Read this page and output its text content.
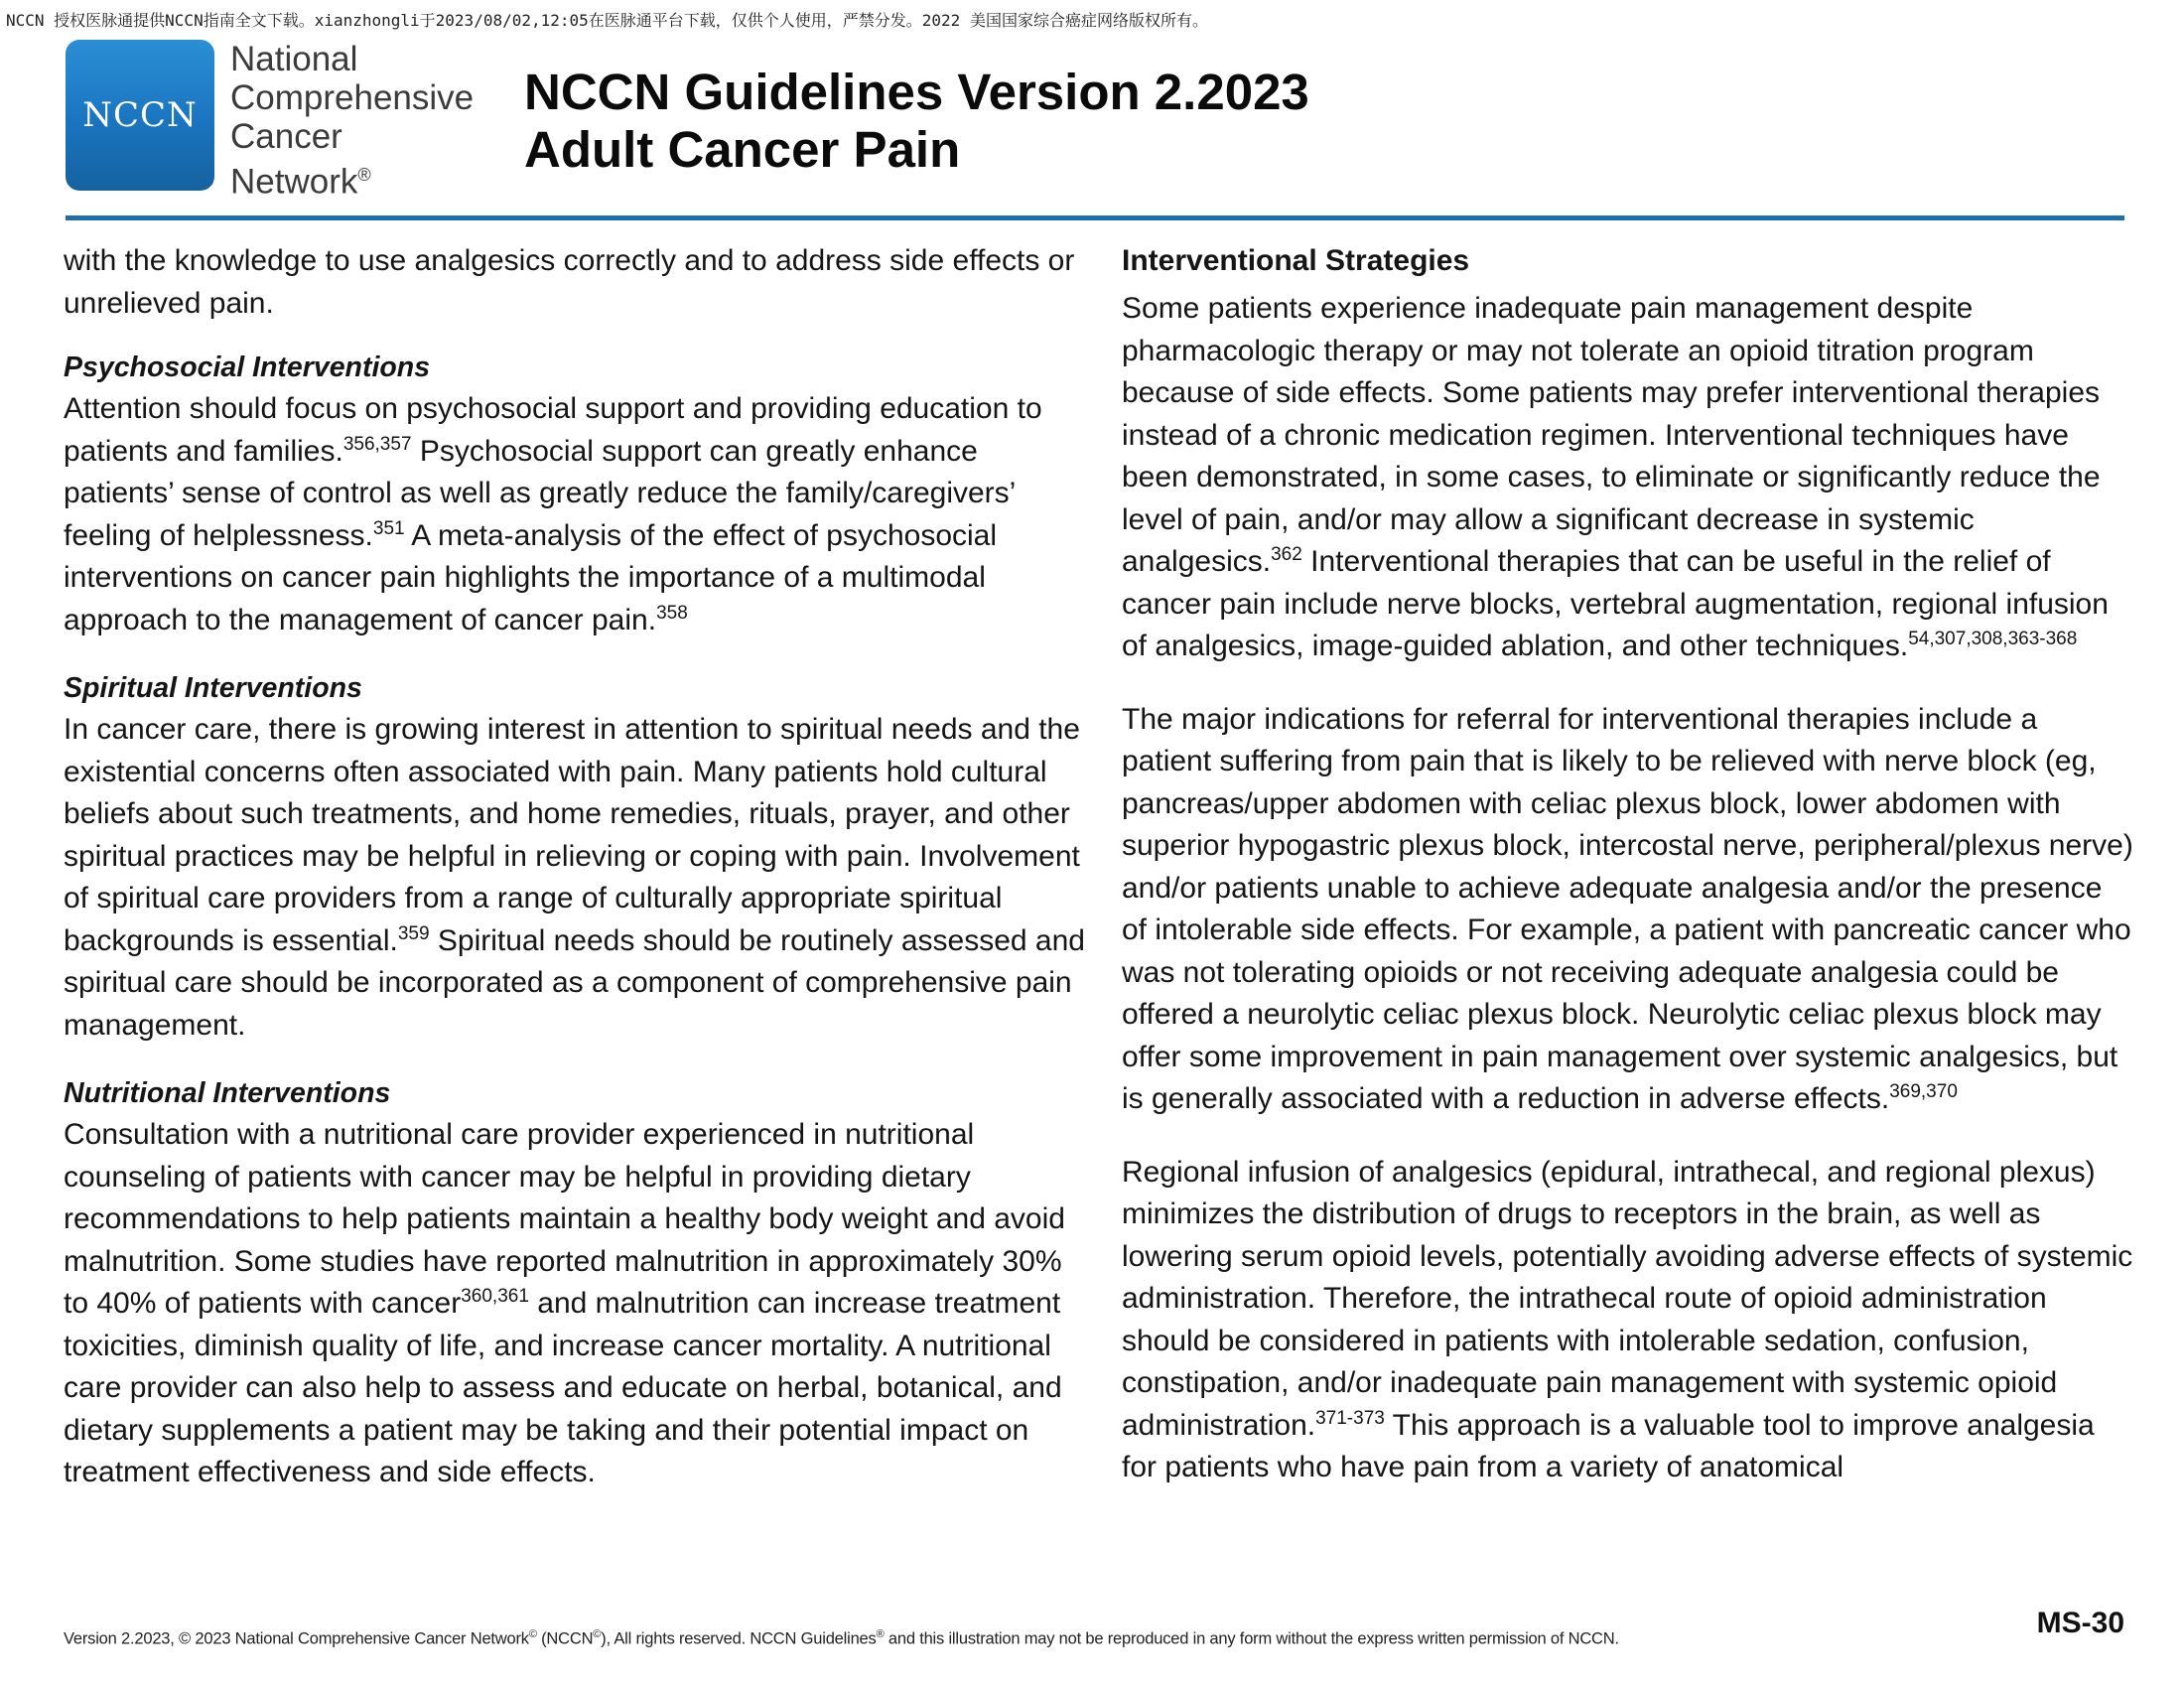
NCCN 授权医脉通提供NCCN指南全文下载。xianzhongli于2023/08/02,12:05在医脉通平台下载，仅供个人使用，严禁分发。2022 美国国家综合癌症网络版权所有。
NCCN
National
Comprehensive
Cancer
Network®
NCCN Guidelines Version 2.2023
Adult Cancer Pain

with the knowledge to use analgesics correctly and to address side effects or unrelieved pain.

Psychosocial Interventions

Attention should focus on psychosocial support and providing education to patients and families.$^{356,357}$ Psychosocial support can greatly enhance patients’ sense of control as well as greatly reduce the family/caregivers’ feeling of helplessness.$^{351}$ A meta-analysis of the effect of psychosocial interventions on cancer pain highlights the importance of a multimodal approach to the management of cancer pain.$^{358}$

Spiritual Interventions

In cancer care, there is growing interest in attention to spiritual needs and the existential concerns often associated with pain. Many patients hold cultural beliefs about such treatments, and home remedies, rituals, prayer, and other spiritual practices may be helpful in relieving or coping with pain. Involvement of spiritual care providers from a range of culturally appropriate spiritual backgrounds is essential.$^{359}$ Spiritual needs should be routinely assessed and spiritual care should be incorporated as a component of comprehensive pain management.

Nutritional Interventions

Consultation with a nutritional care provider experienced in nutritional counseling of patients with cancer may be helpful in providing dietary recommendations to help patients maintain a healthy body weight and avoid malnutrition. Some studies have reported malnutrition in approximately 30% to 40% of patients with cancer$^{360,361}$ and malnutrition can increase treatment toxicities, diminish quality of life, and increase cancer mortality. A nutritional care provider can also help to assess and educate on herbal, botanical, and dietary supplements a patient may be taking and their potential impact on treatment effectiveness and side effects.

Interventional Strategies

Some patients experience inadequate pain management despite pharmacologic therapy or may not tolerate an opioid titration program because of side effects. Some patients may prefer interventional therapies instead of a chronic medication regimen. Interventional techniques have been demonstrated, in some cases, to eliminate or significantly reduce the level of pain, and/or may allow a significant decrease in systemic analgesics.$^{362}$ Interventional therapies that can be useful in the relief of cancer pain include nerve blocks, vertebral augmentation, regional infusion of analgesics, image-guided ablation, and other techniques.$^{54,307,308,363-368}$

The major indications for referral for interventional therapies include a patient suffering from pain that is likely to be relieved with nerve block (eg, pancreas/upper abdomen with celiac plexus block, lower abdomen with superior hypogastric plexus block, intercostal nerve, peripheral/plexus nerve) and/or patients unable to achieve adequate analgesia and/or the presence of intolerable side effects. For example, a patient with pancreatic cancer who was not tolerating opioids or not receiving adequate analgesia could be offered a neurolytic celiac plexus block. Neurolytic celiac plexus block may offer some improvement in pain management over systemic analgesics, but is generally associated with a reduction in adverse effects.$^{369,370}$

Regional infusion of analgesics (epidural, intrathecal, and regional plexus) minimizes the distribution of drugs to receptors in the brain, as well as lowering serum opioid levels, potentially avoiding adverse effects of systemic administration. Therefore, the intrathecal route of opioid administration should be considered in patients with intolerable sedation, confusion, constipation, and/or inadequate pain management with systemic opioid administration.$^{371-373}$ This approach is a valuable tool to improve analgesia for patients who have pain from a variety of anatomical

Version 2.2023, © 2023 National Comprehensive Cancer Network© (NCCN©), All rights reserved. NCCN Guidelines® and this illustration may not be reproduced in any form without the express written permission of NCCN.	MS-30
